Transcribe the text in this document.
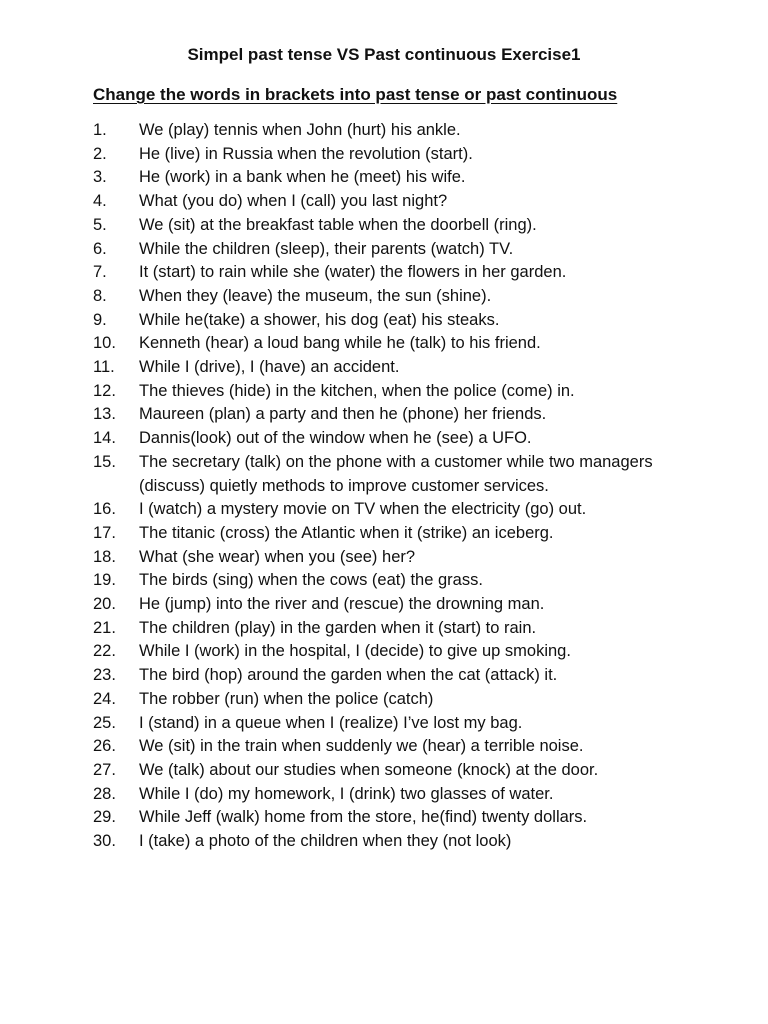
Simpel past tense VS Past continuous Exercise1
Change the words in brackets into past tense or past continuous
1.	We (play) tennis when John (hurt) his ankle.
2.	He (live) in Russia when the revolution (start).
3.	He (work) in a bank when he (meet) his wife.
4.	What (you do) when I (call) you last night?
5.	We (sit) at the breakfast table when the doorbell (ring).
6.	While the children (sleep), their parents (watch) TV.
7.	It (start) to rain while she (water) the flowers in her garden.
8.	When they (leave) the museum, the sun (shine).
9.	While he(take) a shower, his dog (eat) his steaks.
10.	Kenneth (hear) a loud bang while he (talk) to his friend.
11.	While I (drive), I (have) an accident.
12.	The thieves (hide) in the kitchen, when the police (come) in.
13.	Maureen (plan) a party and then he (phone) her friends.
14.	Dannis(look) out of the window when he (see) a UFO.
15.	The secretary (talk) on the phone with a customer while two managers (discuss) quietly methods to improve customer services.
16.	I (watch) a mystery movie on TV when the electricity (go) out.
17.	The titanic (cross) the Atlantic when it (strike) an iceberg.
18.	What (she wear) when you (see) her?
19.	The birds (sing) when the cows (eat) the grass.
20.	He (jump) into the river and (rescue) the drowning man.
21.	The children (play) in the garden when it (start) to rain.
22.	While I (work) in the hospital, I (decide) to give up smoking.
23.	The bird (hop) around the garden when the cat (attack) it.
24.	The robber (run) when the police (catch)
25.	I (stand) in a queue when I (realize) I’ve lost my bag.
26.	We (sit) in the train when suddenly we (hear) a terrible noise.
27.	We (talk) about our studies when someone (knock) at the door.
28.	While I (do) my homework, I (drink) two glasses of water.
29.	While Jeff (walk) home from the store, he(find) twenty dollars.
30.	I (take) a photo of the children when they (not look)
